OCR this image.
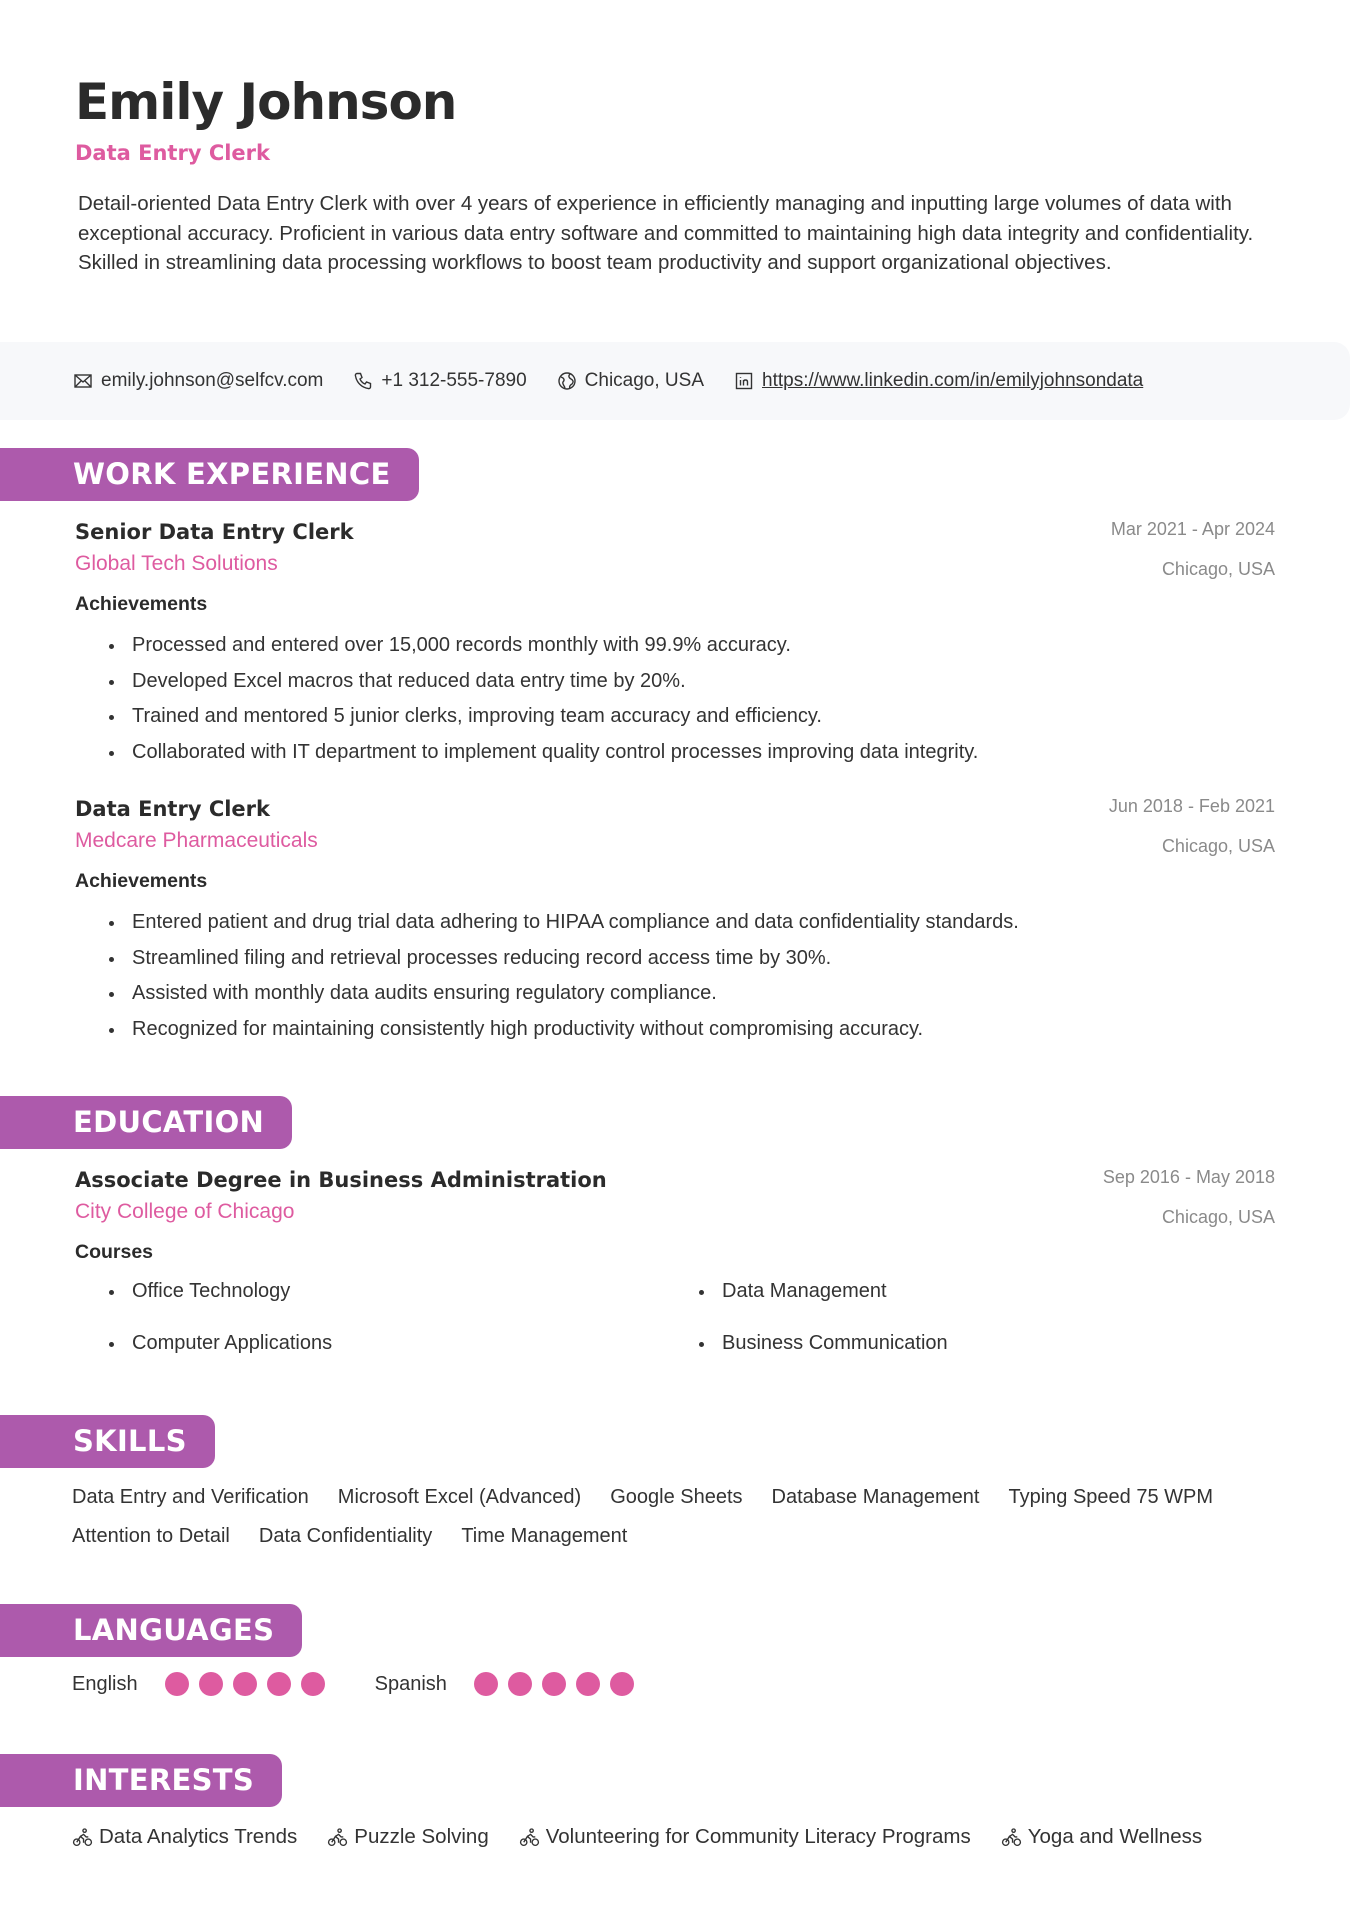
Emily Johnson
Data Entry Clerk
Detail-oriented Data Entry Clerk with over 4 years of experience in efficiently managing and inputting large volumes of data with exceptional accuracy. Proficient in various data entry software and committed to maintaining high data integrity and confidentiality. Skilled in streamlining data processing workflows to boost team productivity and support organizational objectives.
emily.johnson@selfcv.com	+1 312-555-7890	Chicago, USA	https://www.linkedin.com/in/emilyjohnsondata
WORK EXPERIENCE
Senior Data Entry Clerk
Global Tech Solutions
Mar 2021 - Apr 2024
Chicago, USA
Achievements
Processed and entered over 15,000 records monthly with 99.9% accuracy.
Developed Excel macros that reduced data entry time by 20%.
Trained and mentored 5 junior clerks, improving team accuracy and efficiency.
Collaborated with IT department to implement quality control processes improving data integrity.
Data Entry Clerk
Medcare Pharmaceuticals
Jun 2018 - Feb 2021
Chicago, USA
Achievements
Entered patient and drug trial data adhering to HIPAA compliance and data confidentiality standards.
Streamlined filing and retrieval processes reducing record access time by 30%.
Assisted with monthly data audits ensuring regulatory compliance.
Recognized for maintaining consistently high productivity without compromising accuracy.
EDUCATION
Associate Degree in Business Administration
City College of Chicago
Sep 2016 - May 2018
Chicago, USA
Courses
Office Technology	Data Management
Computer Applications	Business Communication
SKILLS
Data Entry and Verification Microsoft Excel (Advanced) Google Sheets Database Management Typing Speed 75 WPM
Attention to Detail Data Confidentiality Time Management
LANGUAGES
English	Spanish
INTERESTS
Data Analytics Trends	Puzzle Solving	Volunteering for Community Literacy Programs	Yoga and Wellness
